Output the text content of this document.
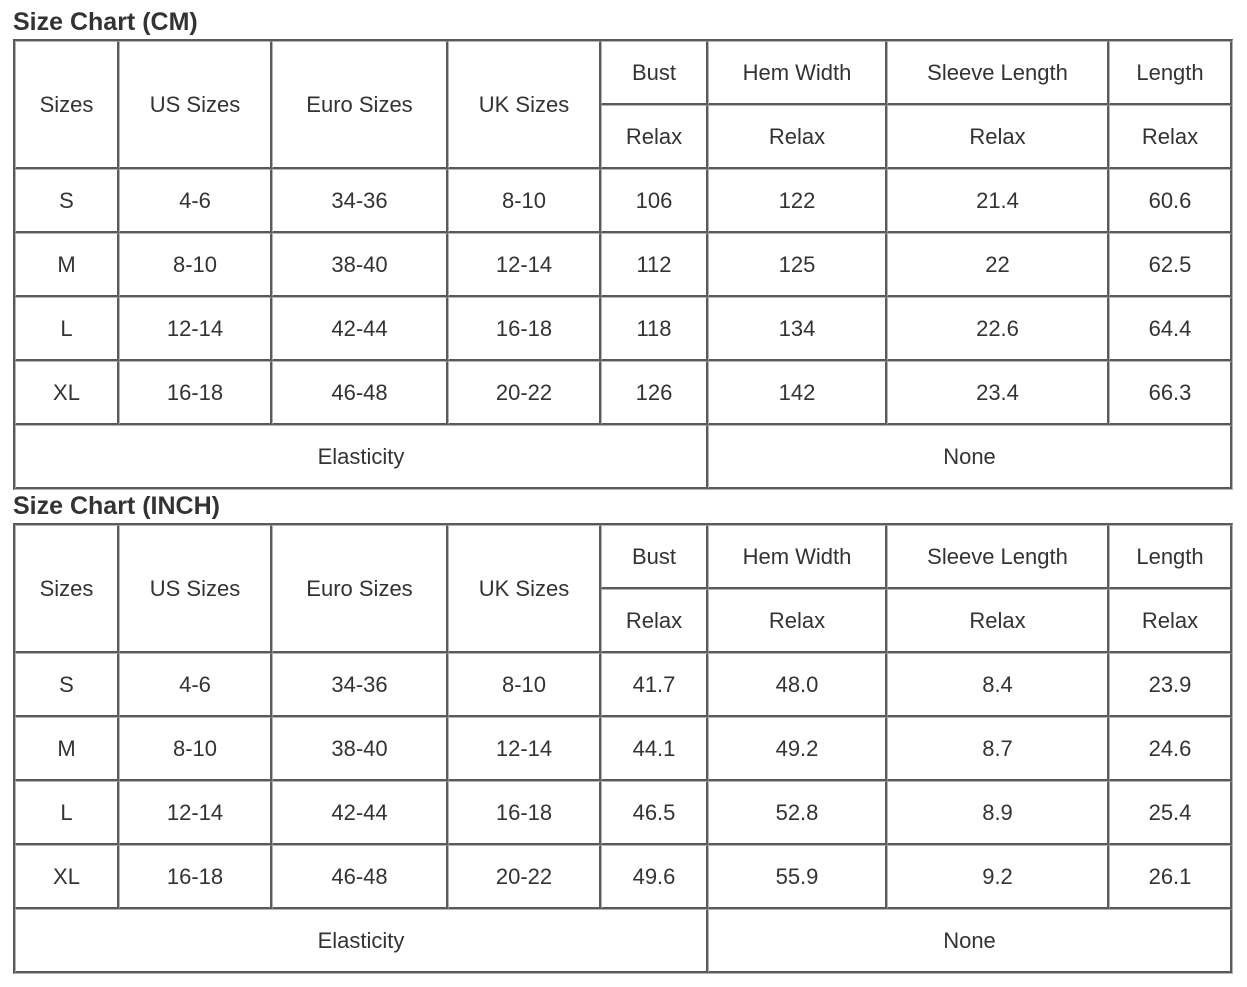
Size Chart (CM)
Sizes	US Sizes	Euro Sizes	UK Sizes	Bust	Hem Width	Sleeve Length	Length
				Relax	Relax	Relax	Relax
S	4-6	34-36	8-10	106	122	21.4	60.6
M	8-10	38-40	12-14	112	125	22	62.5
L	12-14	42-44	16-18	118	134	22.6	64.4
XL	16-18	46-48	20-22	126	142	23.4	66.3
Elasticity					None		
Size Chart (INCH)
Sizes	US Sizes	Euro Sizes	UK Sizes	Bust	Hem Width	Sleeve Length	Length
				Relax	Relax	Relax	Relax
S	4-6	34-36	8-10	41.7	48.0	8.4	23.9
M	8-10	38-40	12-14	44.1	49.2	8.7	24.6
L	12-14	42-44	16-18	46.5	52.8	8.9	25.4
XL	16-18	46-48	20-22	49.6	55.9	9.2	26.1
Elasticity					None		
